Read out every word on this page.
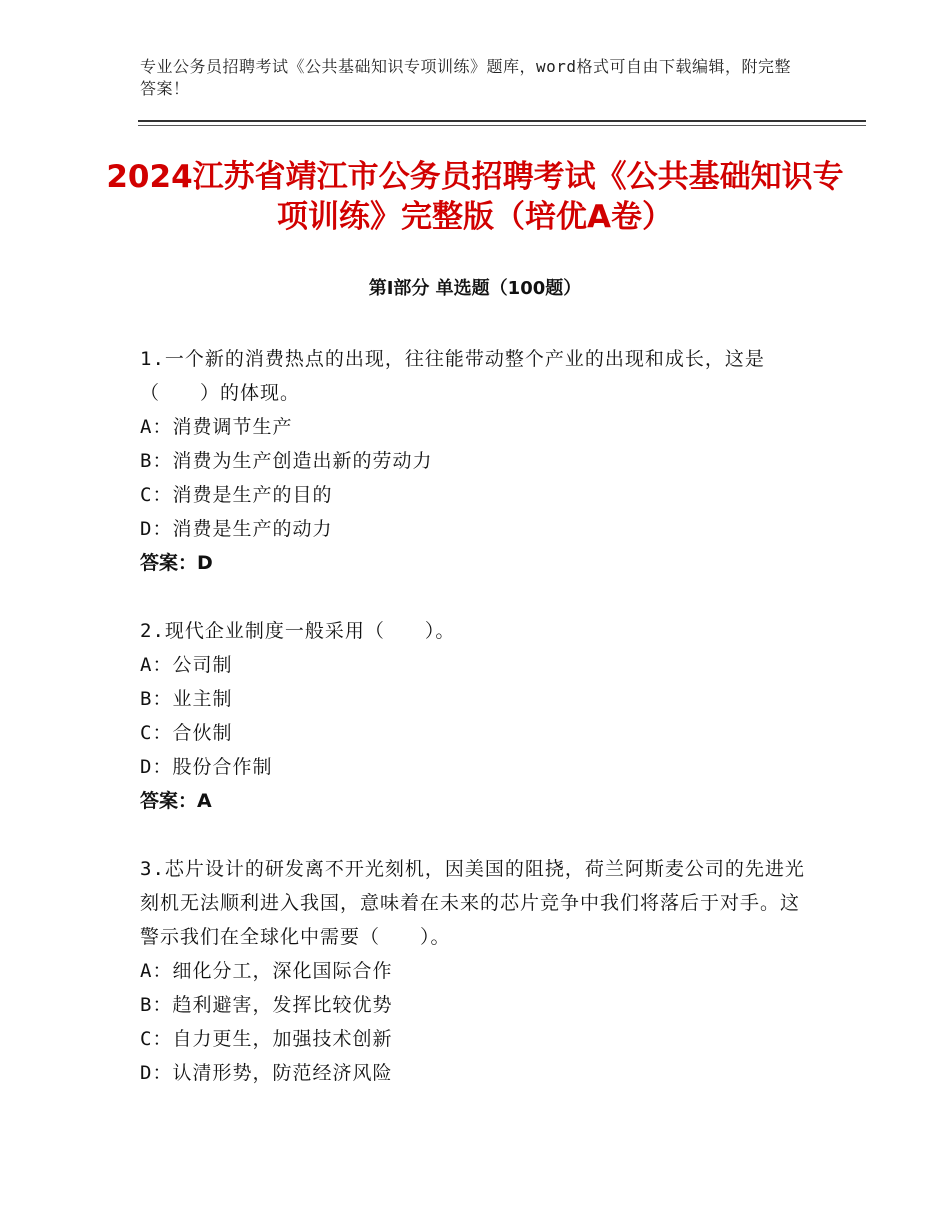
专业公务员招聘考试《公共基础知识专项训练》题库，word格式可自由下载编辑，附完整答案！
2024江苏省靖江市公务员招聘考试《公共基础知识专项训练》完整版（培优A卷）
第Ⅰ部分 单选题（100题）
1.一个新的消费热点的出现，往往能带动整个产业的出现和成长，这是（　　）的体现。
A：消费调节生产
B：消费为生产创造出新的劳动力
C：消费是生产的目的
D：消费是生产的动力
答案：D
2.现代企业制度一般采用（　　）。
A：公司制
B：业主制
C：合伙制
D：股份合作制
答案：A
3.芯片设计的研发离不开光刻机，因美国的阻挠，荷兰阿斯麦公司的先进光刻机无法顺利进入我国，意味着在未来的芯片竞争中我们将落后于对手。这警示我们在全球化中需要（　　）。
A：细化分工，深化国际合作
B：趋利避害，发挥比较优势
C：自力更生，加强技术创新
D：认清形势，防范经济风险
